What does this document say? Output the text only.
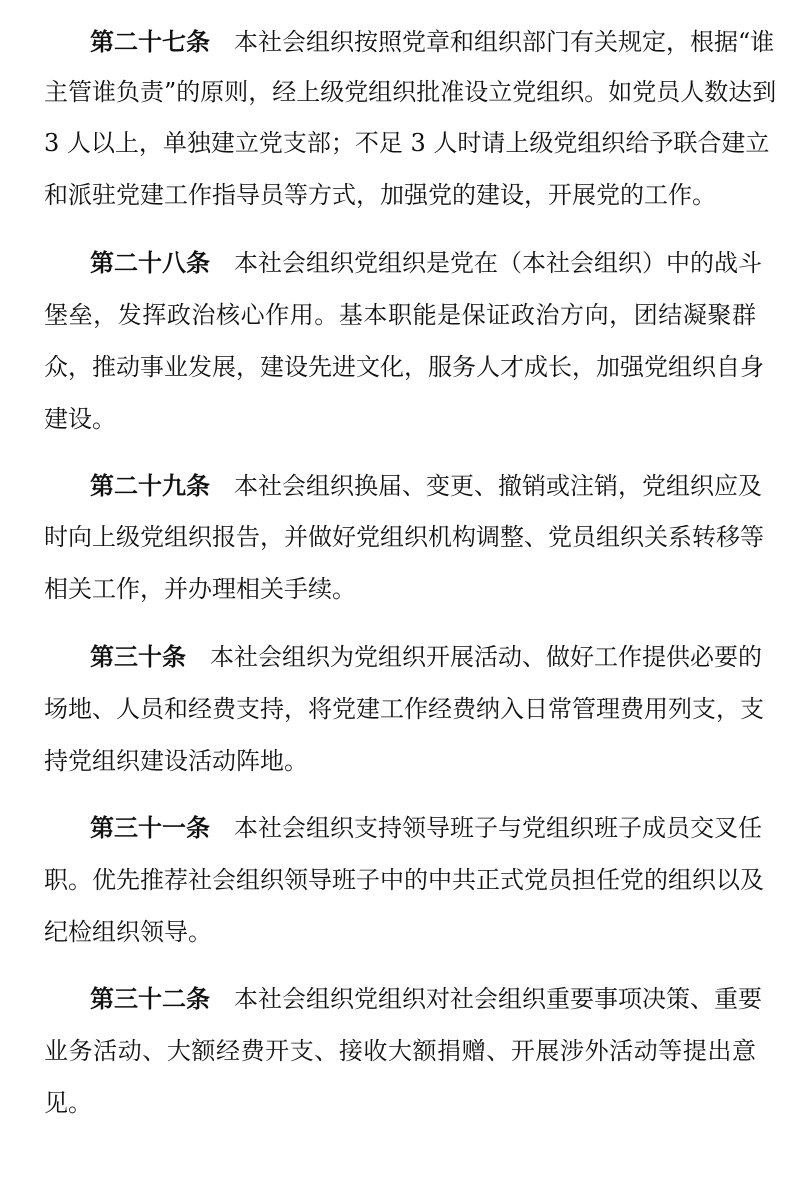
第二十七条 本社会组织按照党章和组织部门有关规定，根据“谁
主管谁负责”的原则，经上级党组织批准设立党组织。如党员人数达到
3 人以上，单独建立党支部；不足 3 人时请上级党组织给予联合建立
和派驻党建工作指导员等方式，加强党的建设，开展党的工作。
第二十八条 本社会组织党组织是党在（本社会组织）中的战斗
堡垒，发挥政治核心作用。基本职能是保证政治方向，团结凝聚群
众，推动事业发展，建设先进文化，服务人才成长，加强党组织自身
建设。
第二十九条 本社会组织换届、变更、撤销或注销，党组织应及
时向上级党组织报告，并做好党组织机构调整、党员组织关系转移等
相关工作，并办理相关手续。
第三十条 本社会组织为党组织开展活动、做好工作提供必要的
场地、人员和经费支持，将党建工作经费纳入日常管理费用列支，支
持党组织建设活动阵地。
第三十一条 本社会组织支持领导班子与党组织班子成员交叉任
职。优先推荐社会组织领导班子中的中共正式党员担任党的组织以及
纪检组织领导。
第三十二条 本社会组织党组织对社会组织重要事项决策、重要
业务活动、大额经费开支、接收大额捐赠、开展涉外活动等提出意
见。
